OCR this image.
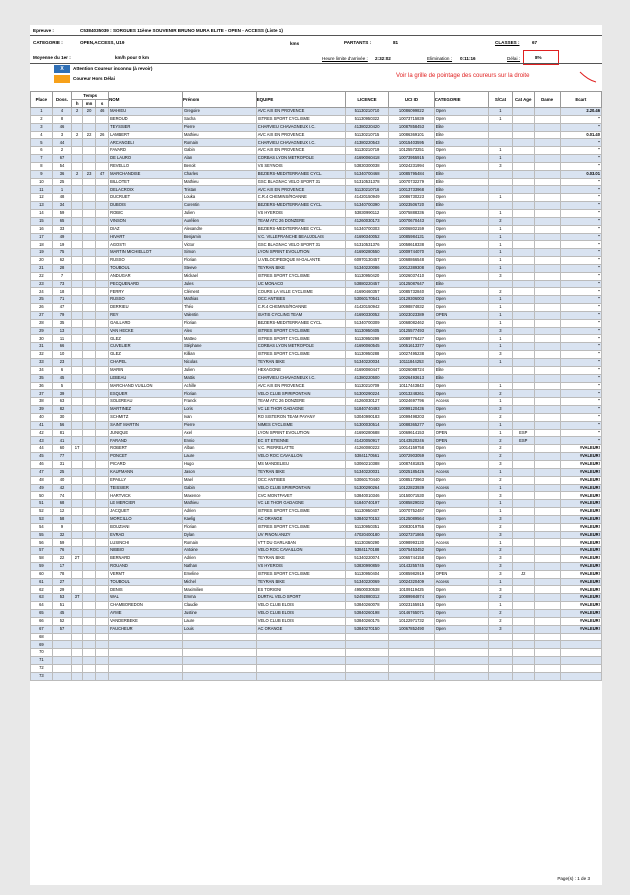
Epreuve :	C5384035039 : SORGUES 11ème SOUVENIR BRUNO MURA ELITE - OPEN - ACCESS (Liste 1)
CATEGORIE :	OPEN,ACCESS, U19	kms	PARTANTS :	81	CLASSES :	67
Moyenne du 1er :	km/h pour 0 km	Heure limite d'arrivée : 2:32:02	Elimination : 0:11:16	Délai :	8%
X	Attention Coureur inconnu (à revoir)
Coureur Hors Délai	Voir la grille de pointage des coureurs sur la droite
Place	Doss.	Temps			NOM	Prénom	EQUIPE	LICENCE	UCI ID	CATEGORIE	S/Cat	Cat Age	Dame	Ecart
		h	mn	s										
1	4	2	20	46	MAHIEU	Gregoire	AVC AIX EN PROVENCE	51130210710	10086099822	Open	1			2.20.46
2	8				BEROUD	Sacha	ISTRES SPORT CYCLISME	51130950322	10073715839	Open	1			"
3	46				TEYSSIER	Pierre	CHARVIEU CHAVAGNEUX I.C.	41380220420	10087858453	Elite				"
4	3	2	22	26	LAMBERT	Mathieu	AVC AIX EN PROVENCE	51130210715	10086369101	Elite				0.01.40
5	44				ARCANGELI	Romain	CHARVIEU CHAVAGNEUX I.C.	41380220543	10015403595	Elite				"
6	2				FAVARD	Gabin	AVC AIX EN PROVENCE	51130210719	10125573251	Open	1			"
7	67				DE LAURO	Alan	CORBAS LYON METROPOLE	41690060418	10073955915	Open	1			"
8	54				REVELLO	Benoit	VS SEYNOIS	53830300038	10024231994	Open	3			"
9	36	2	23	47	MARCHANDISE	Charles	BEZIERS-MEDITERRANEE CYCL.	51340700468	10085795484	Elite				0.03.01
10	25				BILLOTET	Mathieu	GSC BLAGNAC VELO SPORT 31	51310531378	10070732279	Elite				"
11	1				DELACROIX	Tristan	AVC AIX EN PROVENCE	51130210716	10013733968	Elite				"
12	48				DUCRUET	Louka	C.R.4 CHEMINS/ROANNE	41420150949	10086730223	Open	1			"
13	34				DUBOIS	Corentin	BEZIERS-MEDITERRANEE CYCL.	51340700390	10023506720	Elite				"
14	59				ROBIC	Julien	VS HYEROIS	53830990112	10075888336	Open	1			"
15	65				VINSON	Aurélien	TEAM ATC 26 DONZERE	41260030173	10070670443	Open	2			"
16	33				DIAZ	Alexandre	BEZIERS-MEDITERRANEE CYCL.	51340700303	10006802159	Open	1			"
17	49				HIVART	Benjamin	V.C. VILLEFRANCHE BEAUJOLAIS	41690340052	10085984131	Open	1			"
18	19				AGOSTI	Victor	GSC BLAGNAC VELO SPORT 31	51310531376	10058618338	Open	1			"
19	75				MARTIN MICHIELLOT	Simon	LYON SPRINT EVOLUTION	41690280550	10009744070	Open	1			"
20	62				RUSSO	Florian	U.VELOCIPEDIQUE M-GALANTE	60970130457	10068866548	Open	1			"
21	28				TOUBOUL	Steeve	TEYRAN BIKE	51340220086	10012389308	Open	1			"
22	7				ANDUGAR	Mickael	ISTRES SPORT CYCLISME	51130950420	10026037410	Open	3			"
23	73				PECQUENARD	Jules	UC MONACO	53880220457	10125087647	Elite				"
24	18				FERRY	Clément	COURS LA VILLE CYCLISME	41690460357	10085732840	Open	2			"
25	71				RUSSO	Mathias	OCC ANTIBES	53060170541	10129306003	Open	1			"
26	47				DERRIEU	Théo	C.R.4 CHEMINS/ROANNE	41420150942	10098874832	Open	1			"
27	79				REY	Valentin	ISATIS CYCLING TEAM	41690330052	10023023389	OPEN	1			"
28	35				GAILLARD	Florian	BEZIERS-MEDITERRANEE CYCL.	51340700309	10068082462	Open	1			"
29	13				VAN HECKE	Alex	ISTRES SPORT CYCLISME	51130950405	10125577493	Open	3			"
30	11				GLEZ	Matteo	ISTRES SPORT CYCLISME	51130950299	10089776427	Open	1			"
31	66				CUVELIER	Stéphane	CORBAS LYON METROPOLE	41690060545	10051613377	Open	1			"
32	10				GLEZ	Killian	ISTRES SPORT CYCLISME	51130950288	10027495238	Open	3			"
33	23				CHAPEL	Nicolas	TEYRAN BIKE	51340220034	10111844253	Open	1			"
34	6				MARIN	Julien	HEXAGONE	41690060447	10026088724	Elite				"
35	45				LEBEAU	Mattis	CHARVIEU CHAVAGNEUX I.C.	41380220500	10026493613	Elite				"
36	5				MARCHAND VUILLON	Achille	AVC AIX EN PROVENCE	51130210709	10117443843	Open	1			"
37	39				ESQUER	Florian	VELO CLUB SPIRIPONTAIN	51300290224	10013248261	Open	2			"
38	63				SOLEREAU	Franck	TEAM ATC 26 DONZERE	41260030127	10024697796	Access	1			"
39	82				MARTINEZ	Loris	VC LE THOR GADAGNE	51840740493	10099120436	Open	3			"
40	30				SCHMITZ	Ivan	RO SISTERON TEAM PAYANY	53040990183	10099498203	Open	2			"
41	56				SAINT MARTIN	Pierre	NIMES CYCLISME	51300030514	10088365277	Open	1			"
42	81				JUNIQUE	Axel	LYON SPRINT EVOLUTION	41690280688	10069614153	OPEN	1	ESP		"
43	41				FARAND	Ennio	EC ST ETIENNE	41420050917	10143520246	OPEN	2	ESP		"
44	60	1T			ROBERT	Alban	V.C. PIERRELATTE	41260080222	10014159758	Open	2			#VALEUR!
45	77				PONCET	Laure	VELO ROC CAVAILLON	53841170561	10072903059	Open	2			#VALEUR!
46	31				PICARD	Hugo	MS MANDELIEU	53060210388	10087481825	Open	3			#VALEUR!
47	25				KAUFMANN	Jason	TEYRAN BIKE	51340220031	10025185426	Access	1			#VALEUR!
48	40				EPAILLY	Mael	OCC ANTIBES	53060170440	10085173963	Open	2			#VALEUR!
49	42				TEISSIER	Gabin	VELO CLUB SPIRIPONTAIN	51300290264	10122823939	Access	1			#VALEUR!
50	74				HARTVICK	Maxence	CVC MONTFAVET	53840010346	10150071530	Open	3			#VALEUR!
51	68				LE MERCIER	Mathieu	VC LE THOR GADAGNE	51840740197	10085829032	Open	1			#VALEUR!
52	12				JACQUET	Adrien	ISTRES SPORT CYCLISME	51130950407	10070752487	Open	1			#VALEUR!
53	58				MORCILLO	Kaelig	AC ORANGE	53840270152	10125089564	Open	3			#VALEUR!
54	9				BOUZIANI	Florian	ISTRES SPORT CYCLISME	51130950351	10083019755	Open	2			#VALEUR!
55	32				EVRAD	Dylan	UV PINON ANIZY	47020400180	10027371865	Open	3			#VALEUR!
56	59				LUSINCHI	Romain	VTT DU GARLABAN	51130360290	10098993130	Access	1			#VALEUR!
57	76				NIBBIO	Antoine	VELO ROC CAVAILLON	53841170188	10075453452	Open	2			#VALEUR!
58	22	2T			BERNARD	Adrien	TEYRAN BIKE	51340220074	10065744158	Open	3			#VALEUR!
59	17				ROUAND	Nathan	VS HYEROIS	53830990859	10143255745	Open	3			#VALEUR!
60	78				VERMT	Emeline	ISTRES SPORT CYCLISME	51130950404	10085982919	OPEN	3	J2		#VALEUR!
61	27				TOUBOUL	Michel	TEYRAN BIKE	51340220069	10024320409	Access	1			#VALEUR!
62	29				DENIS	Maximilien	ES TORIGNI	49500030538	10109119425	Open	3			#VALEUR!
63	53	3T			WAL	Emma	DURTAL VELO SPORT	52492880312	10089984874	Open	2			#VALEUR!
64	51				CHAMBOREDON	Claudie	VELO CLUB ELOIS	53840260078	10023155915	Open	1			#VALEUR!
65	45				AYME	Justine	VELO CLUB ELOIS	53840260198	10146765071	Open	2			#VALEUR!
66	52				VANDERBEKE	Laure	VELO CLUB ELOIS	53840260175	10122971732	Open	2			#VALEUR!
67	57				FAUCHEUR	Louis	AC ORANGE	53840270150	10067852490	Open	3			#VALEUR!
68														
69														
70														
71														
72														
73														
Page(s) : 1 de 3
